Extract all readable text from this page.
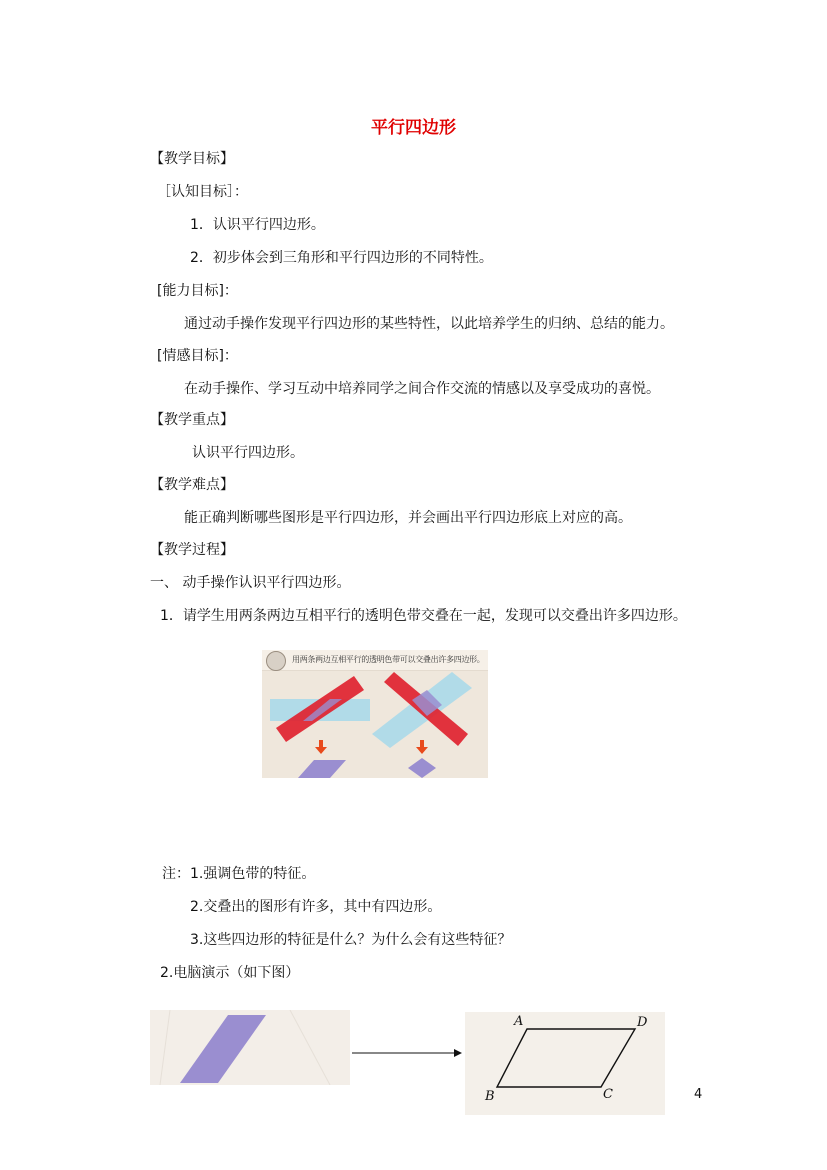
平行四边形
【教学目标】
［认知目标］：
1．认识平行四边形。
2．初步体会到三角形和平行四边形的不同特性。
[能力目标]：
通过动手操作发现平行四边形的某些特性，以此培养学生的归纳、总结的能力。
[情感目标]：
在动手操作、学习互动中培养同学之间合作交流的情感以及享受成功的喜悦。
【教学重点】
认识平行四边形。
【教学难点】
能正确判断哪些图形是平行四边形，并会画出平行四边形底上对应的高。
【教学过程】
一、 动手操作认识平行四边形。
1．请学生用两条两边互相平行的透明色带交叠在一起，发现可以交叠出许多四边形。
用两条两边互相平行的透明色带可以交叠出许多四边形。
注：1.强调色带的特征。
2.交叠出的图形有许多，其中有四边形。
3.这些四边形的特征是什么？为什么会有这些特征？
2.电脑演示（如下图）
A	D
B	C	4
